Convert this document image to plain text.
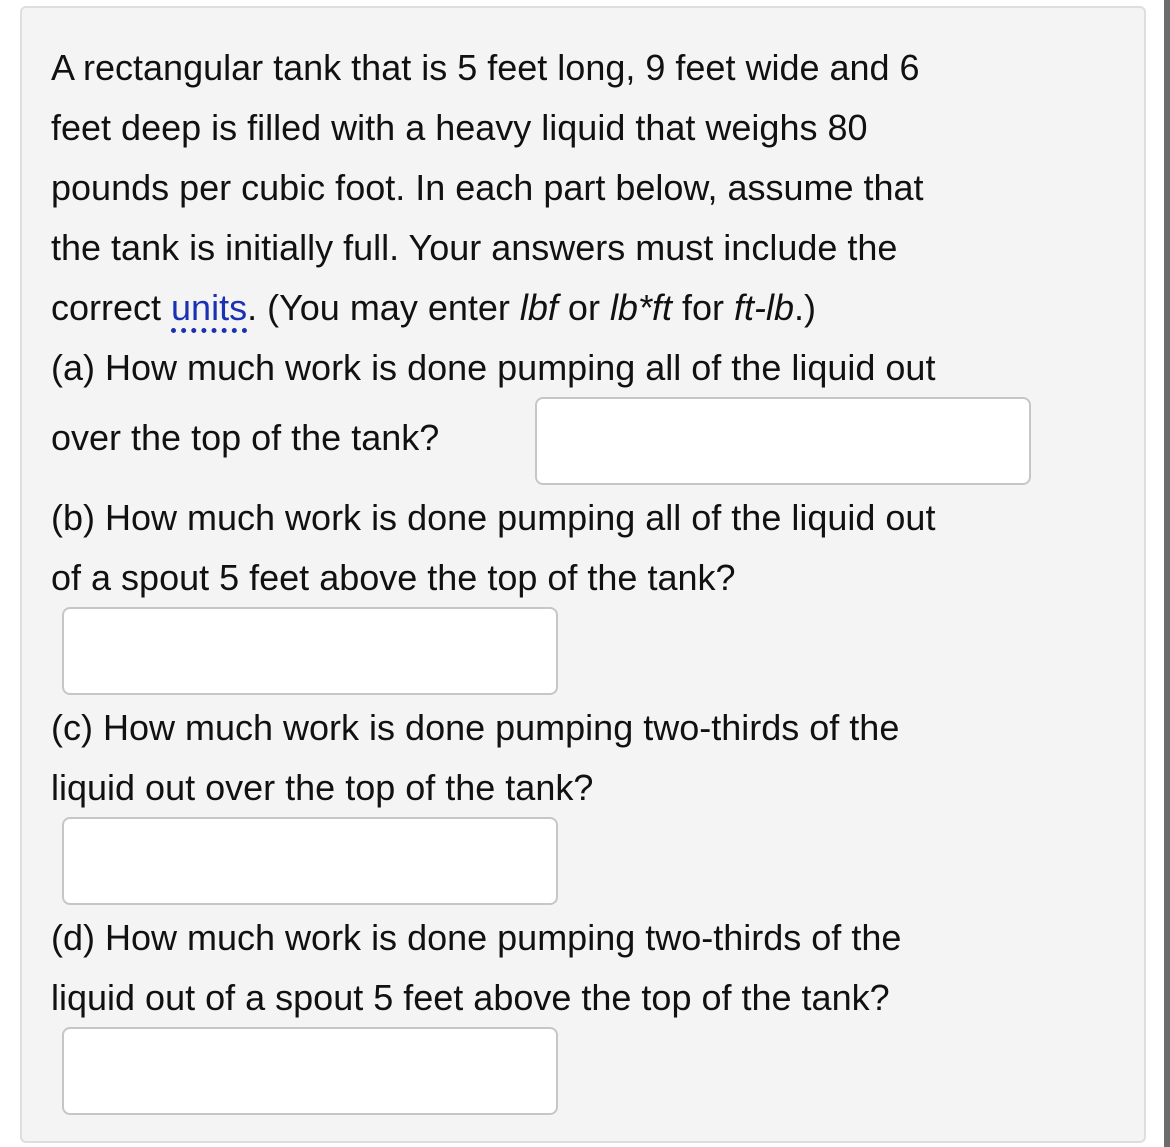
A rectangular tank that is 5 feet long, 9 feet wide and 6
feet deep is filled with a heavy liquid that weighs 80
pounds per cubic foot. In each part below, assume that
the tank is initially full. Your answers must include the
correct units. (You may enter lbf or lb*ft for ft-lb.)
(a) How much work is done pumping all of the liquid out
over the top of the tank?
(b) How much work is done pumping all of the liquid out
of a spout 5 feet above the top of the tank?
(c) How much work is done pumping two-thirds of the
liquid out over the top of the tank?
(d) How much work is done pumping two-thirds of the
liquid out of a spout 5 feet above the top of the tank?
